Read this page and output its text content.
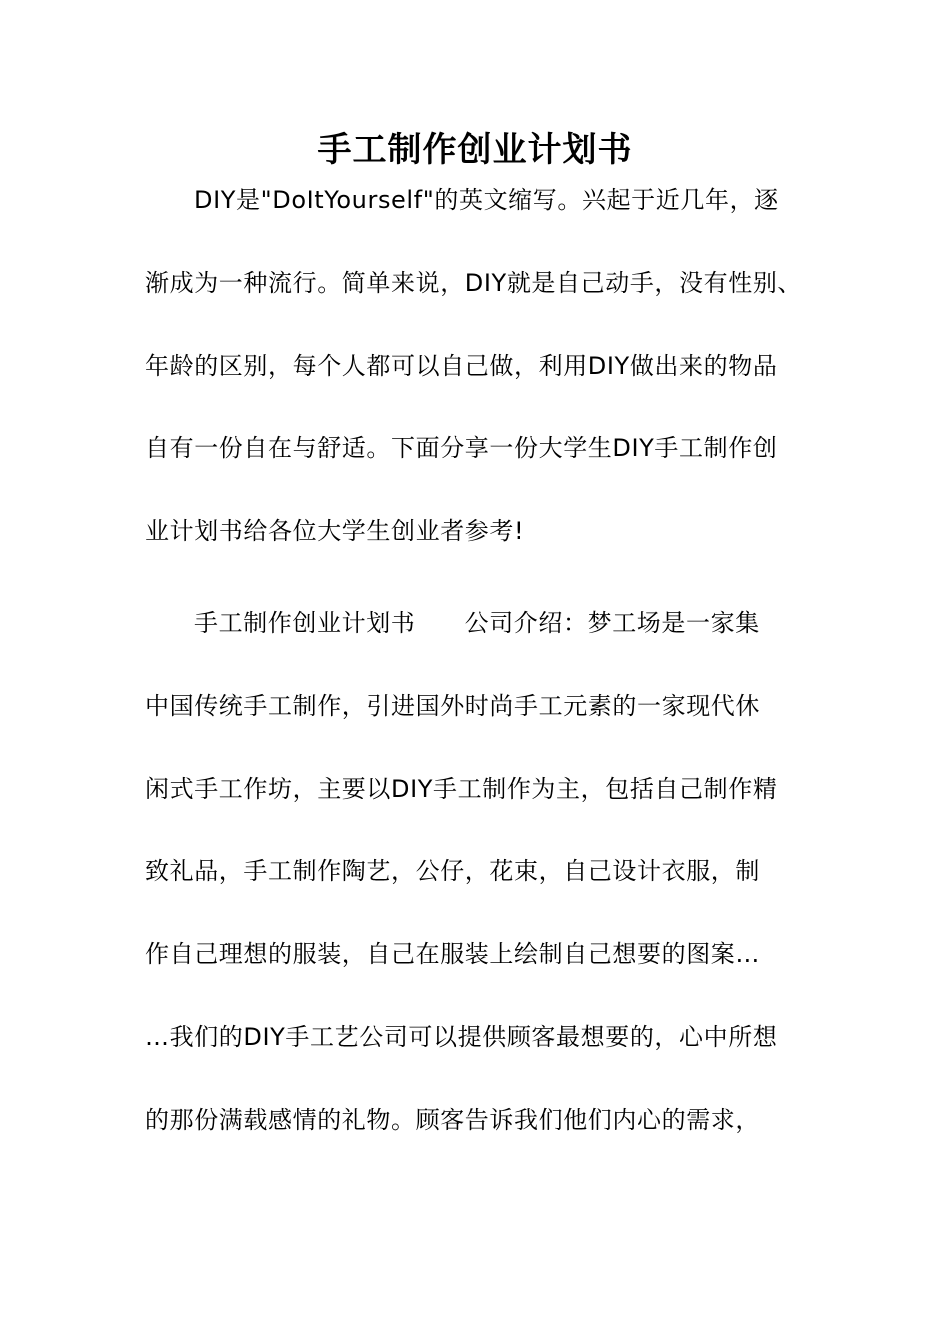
手工制作创业计划书
DIY是"DoItYourself"的英文缩写。兴起于近几年，逐
渐成为一种流行。简单来说，DIY就是自己动手，没有性别、
年龄的区别，每个人都可以自己做，利用DIY做出来的物品
自有一份自在与舒适。下面分享一份大学生DIY手工制作创
业计划书给各位大学生创业者参考!
手工制作创业计划书　　公司介绍：梦工场是一家集
中国传统手工制作，引进国外时尚手工元素的一家现代休
闲式手工作坊，主要以DIY手工制作为主，包括自己制作精
致礼品，手工制作陶艺，公仔，花束，自己设计衣服，制
作自己理想的服装，自己在服装上绘制自己想要的图案…
…我们的DIY手工艺公司可以提供顾客最想要的，心中所想
的那份满载感情的礼物。顾客告诉我们他们内心的需求，
